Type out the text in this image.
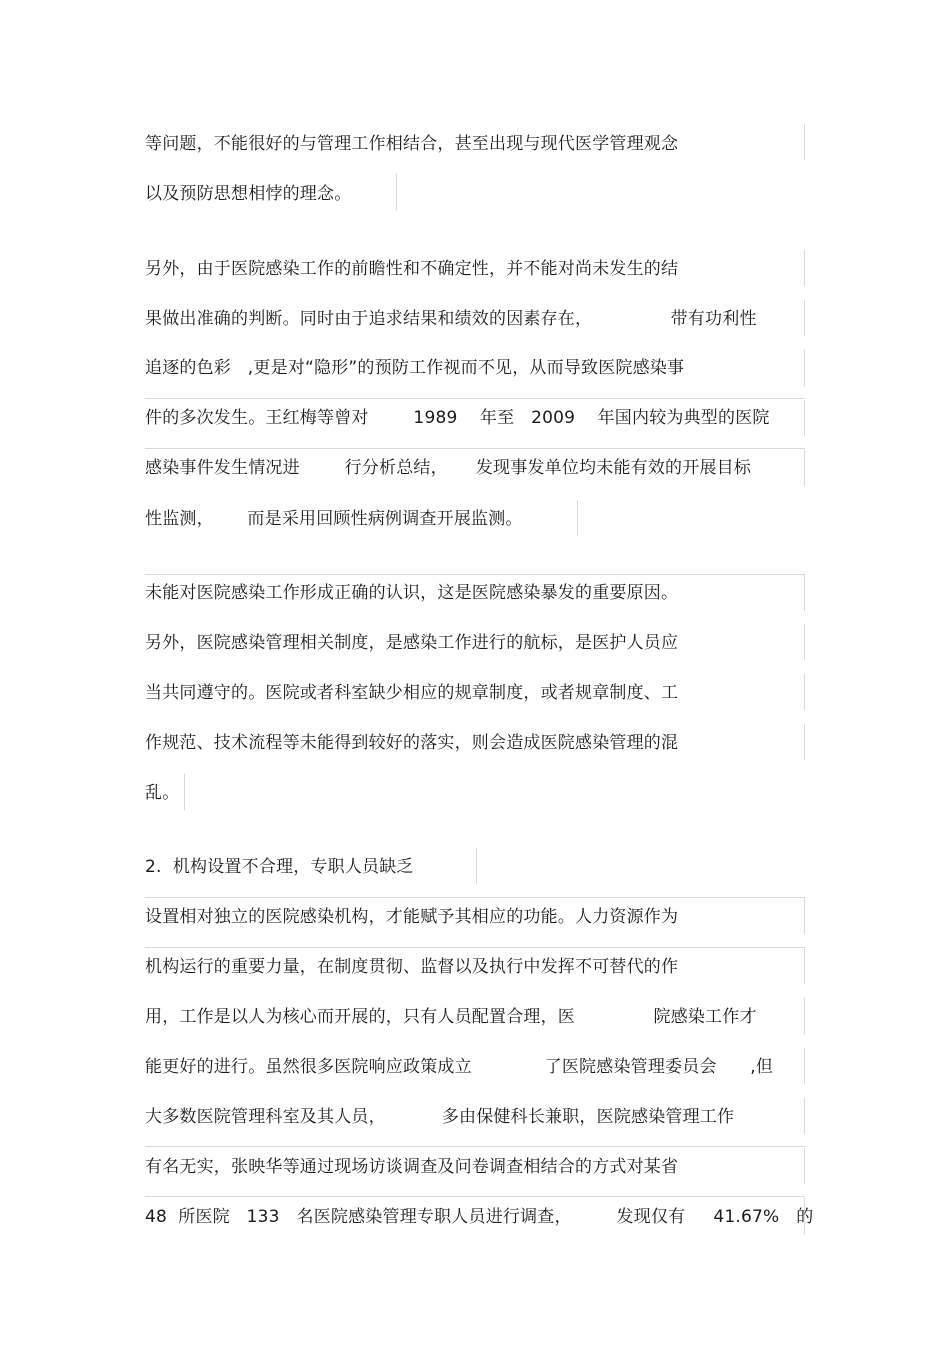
等问题，不能很好的与管理工作相结合，甚至出现与现代医学管理观念
以及预防思想相悖的理念。
另外，由于医院感染工作的前瞻性和不确定性，并不能对尚未发生的结
果做出准确的判断。同时由于追求结果和绩效的因素存在，              带有功利性
追逐的色彩   ,更是对“隐形”的预防工作视而不见，从而导致医院感染事
件的多次发生。王红梅等曾对        1989    年至   2009    年国内较为典型的医院
感染事件发生情况进        行分析总结，     发现事发单位均未能有效的开展目标
性监测，      而是采用回顾性病例调查开展监测。
未能对医院感染工作形成正确的认识，这是医院感染暴发的重要原因。
另外，医院感染管理相关制度，是感染工作进行的航标，是医护人员应
当共同遵守的。医院或者科室缺少相应的规章制度，或者规章制度、工
作规范、技术流程等未能得到较好的落实，则会造成医院感染管理的混
乱。
2.  机构设置不合理，专职人员缺乏
设置相对独立的医院感染机构，才能赋予其相应的功能。人力资源作为
机构运行的重要力量，在制度贯彻、监督以及执行中发挥不可替代的作
用，工作是以人为核心而开展的，只有人员配置合理，医              院感染工作才
能更好的进行。虽然很多医院响应政策成立             了医院感染管理委员会      ,但
大多数医院管理科室及其人员，          多由保健科长兼职，医院感染管理工作
有名无实，张映华等通过现场访谈调查及问卷调查相结合的方式对某省
48  所医院   133   名医院感染管理专职人员进行调查，        发现仅有     41.67%   的
